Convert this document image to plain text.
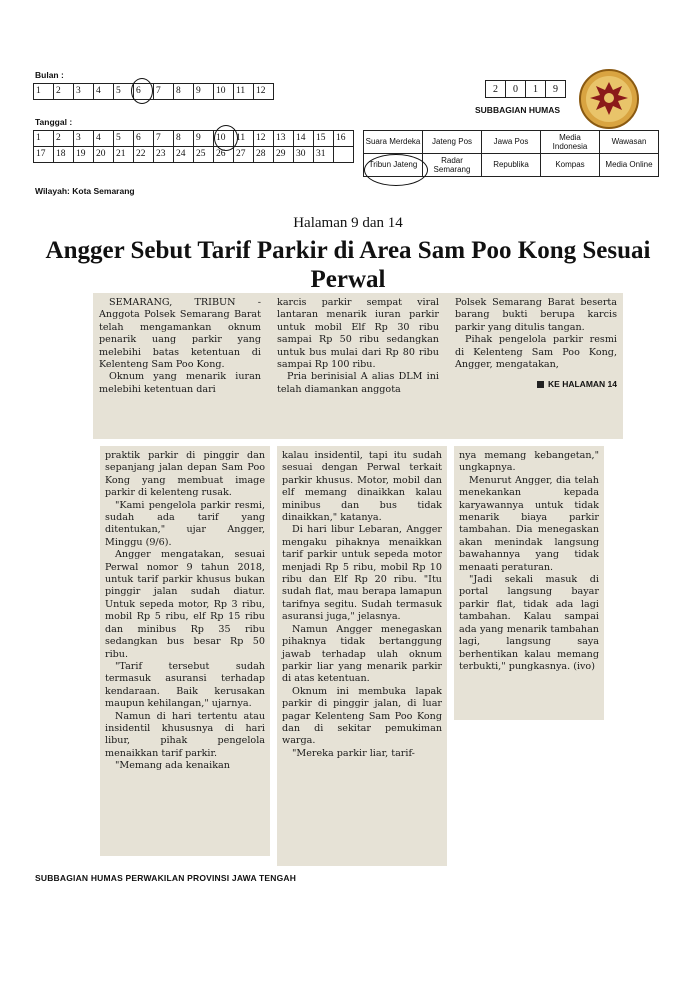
Bulan :
1	2	3	4	5	6	7	8	9	10	11	12	2	0	1	9
SUBBAGIAN HUMAS
Tanggal :
1	2	3	4	5	6	7	8	9	10	11	12	13	14	15	16
17	18	19	20	21	22	23	24	25	26	27	28	29	30	31	
Suara Merdeka	Jateng Pos	Jawa Pos	Media Indonesia	Wawasan
Tribun Jateng	Radar Semarang	Republika	Kompas	Media Online
Wilayah: Kota Semarang
Halaman 9 dan 14
Angger Sebut Tarif Parkir di Area Sam Poo Kong Sesuai Perwal

SEMARANG, TRIBUN - Anggota Polsek Semarang Barat telah mengamankan oknum penarik uang parkir yang melebihi batas ketentuan di Kelenteng Sam Poo Kong.

Oknum yang menarik iuran melebihi ketentuan dari

karcis parkir sempat viral lantaran menarik iuran parkir untuk mobil Elf Rp 30 ribu sampai Rp 50 ribu sedangkan untuk bus mulai dari Rp 80 ribu sampai Rp 100 ribu.

Pria berinisial A alias DLM ini telah diamankan anggota

Polsek Semarang Barat beserta barang bukti berupa karcis parkir yang ditulis tangan.

Pihak pengelola parkir resmi di Kelenteng Sam Poo Kong, Angger, mengatakan,

KE HALAMAN 14

praktik parkir di pinggir dan sepanjang jalan depan Sam Poo Kong yang membuat image parkir di kelenteng rusak.

"Kami pengelola parkir resmi, sudah ada tarif yang ditentukan," ujar Angger, Minggu (9/6).

Angger mengatakan, sesuai Perwal nomor 9 tahun 2018, untuk tarif parkir khusus bukan pinggir jalan sudah diatur. Untuk sepeda motor, Rp 3 ribu, mobil Rp 5 ribu, elf Rp 15 ribu dan minibus Rp 35 ribu sedangkan bus besar Rp 50 ribu.

"Tarif tersebut sudah termasuk asuransi terhadap kendaraan. Baik kerusakan maupun kehilangan," ujarnya.

Namun di hari tertentu atau insidentil khususnya di hari libur, pihak pengelola menaikkan tarif parkir.

"Memang ada kenaikan

kalau insidentil, tapi itu sudah sesuai dengan Perwal terkait parkir khusus. Motor, mobil dan elf memang dinaikkan kalau minibus dan bus tidak dinaikkan," katanya.

Di hari libur Lebaran, Angger mengaku pihaknya menaikkan tarif parkir untuk sepeda motor menjadi Rp 5 ribu, mobil Rp 10 ribu dan Elf Rp 20 ribu. "Itu sudah flat, mau berapa lamapun tarifnya segitu. Sudah termasuk asuransi juga," jelasnya.

Namun Angger menegaskan pihaknya tidak bertanggung jawab terhadap ulah oknum parkir liar yang menarik parkir di atas ketentuan.

Oknum ini membuka lapak parkir di pinggir jalan, di luar pagar Kelenteng Sam Poo Kong dan di sekitar pemukiman warga.

"Mereka parkir liar, tarif-

nya memang kebangetan," ungkapnya.

Menurut Angger, dia telah menekankan kepada karyawannya untuk tidak menarik biaya parkir tambahan. Dia menegaskan akan menindak langsung bawahannya yang tidak menaati peraturan.

"Jadi sekali masuk di portal langsung bayar parkir flat, tidak ada lagi tambahan. Kalau sampai ada yang menarik tambahan lagi, langsung saya berhentikan kalau memang terbukti," pungkasnya. (ivo)

SUBBAGIAN HUMAS PERWAKILAN PROVINSI JAWA TENGAH
